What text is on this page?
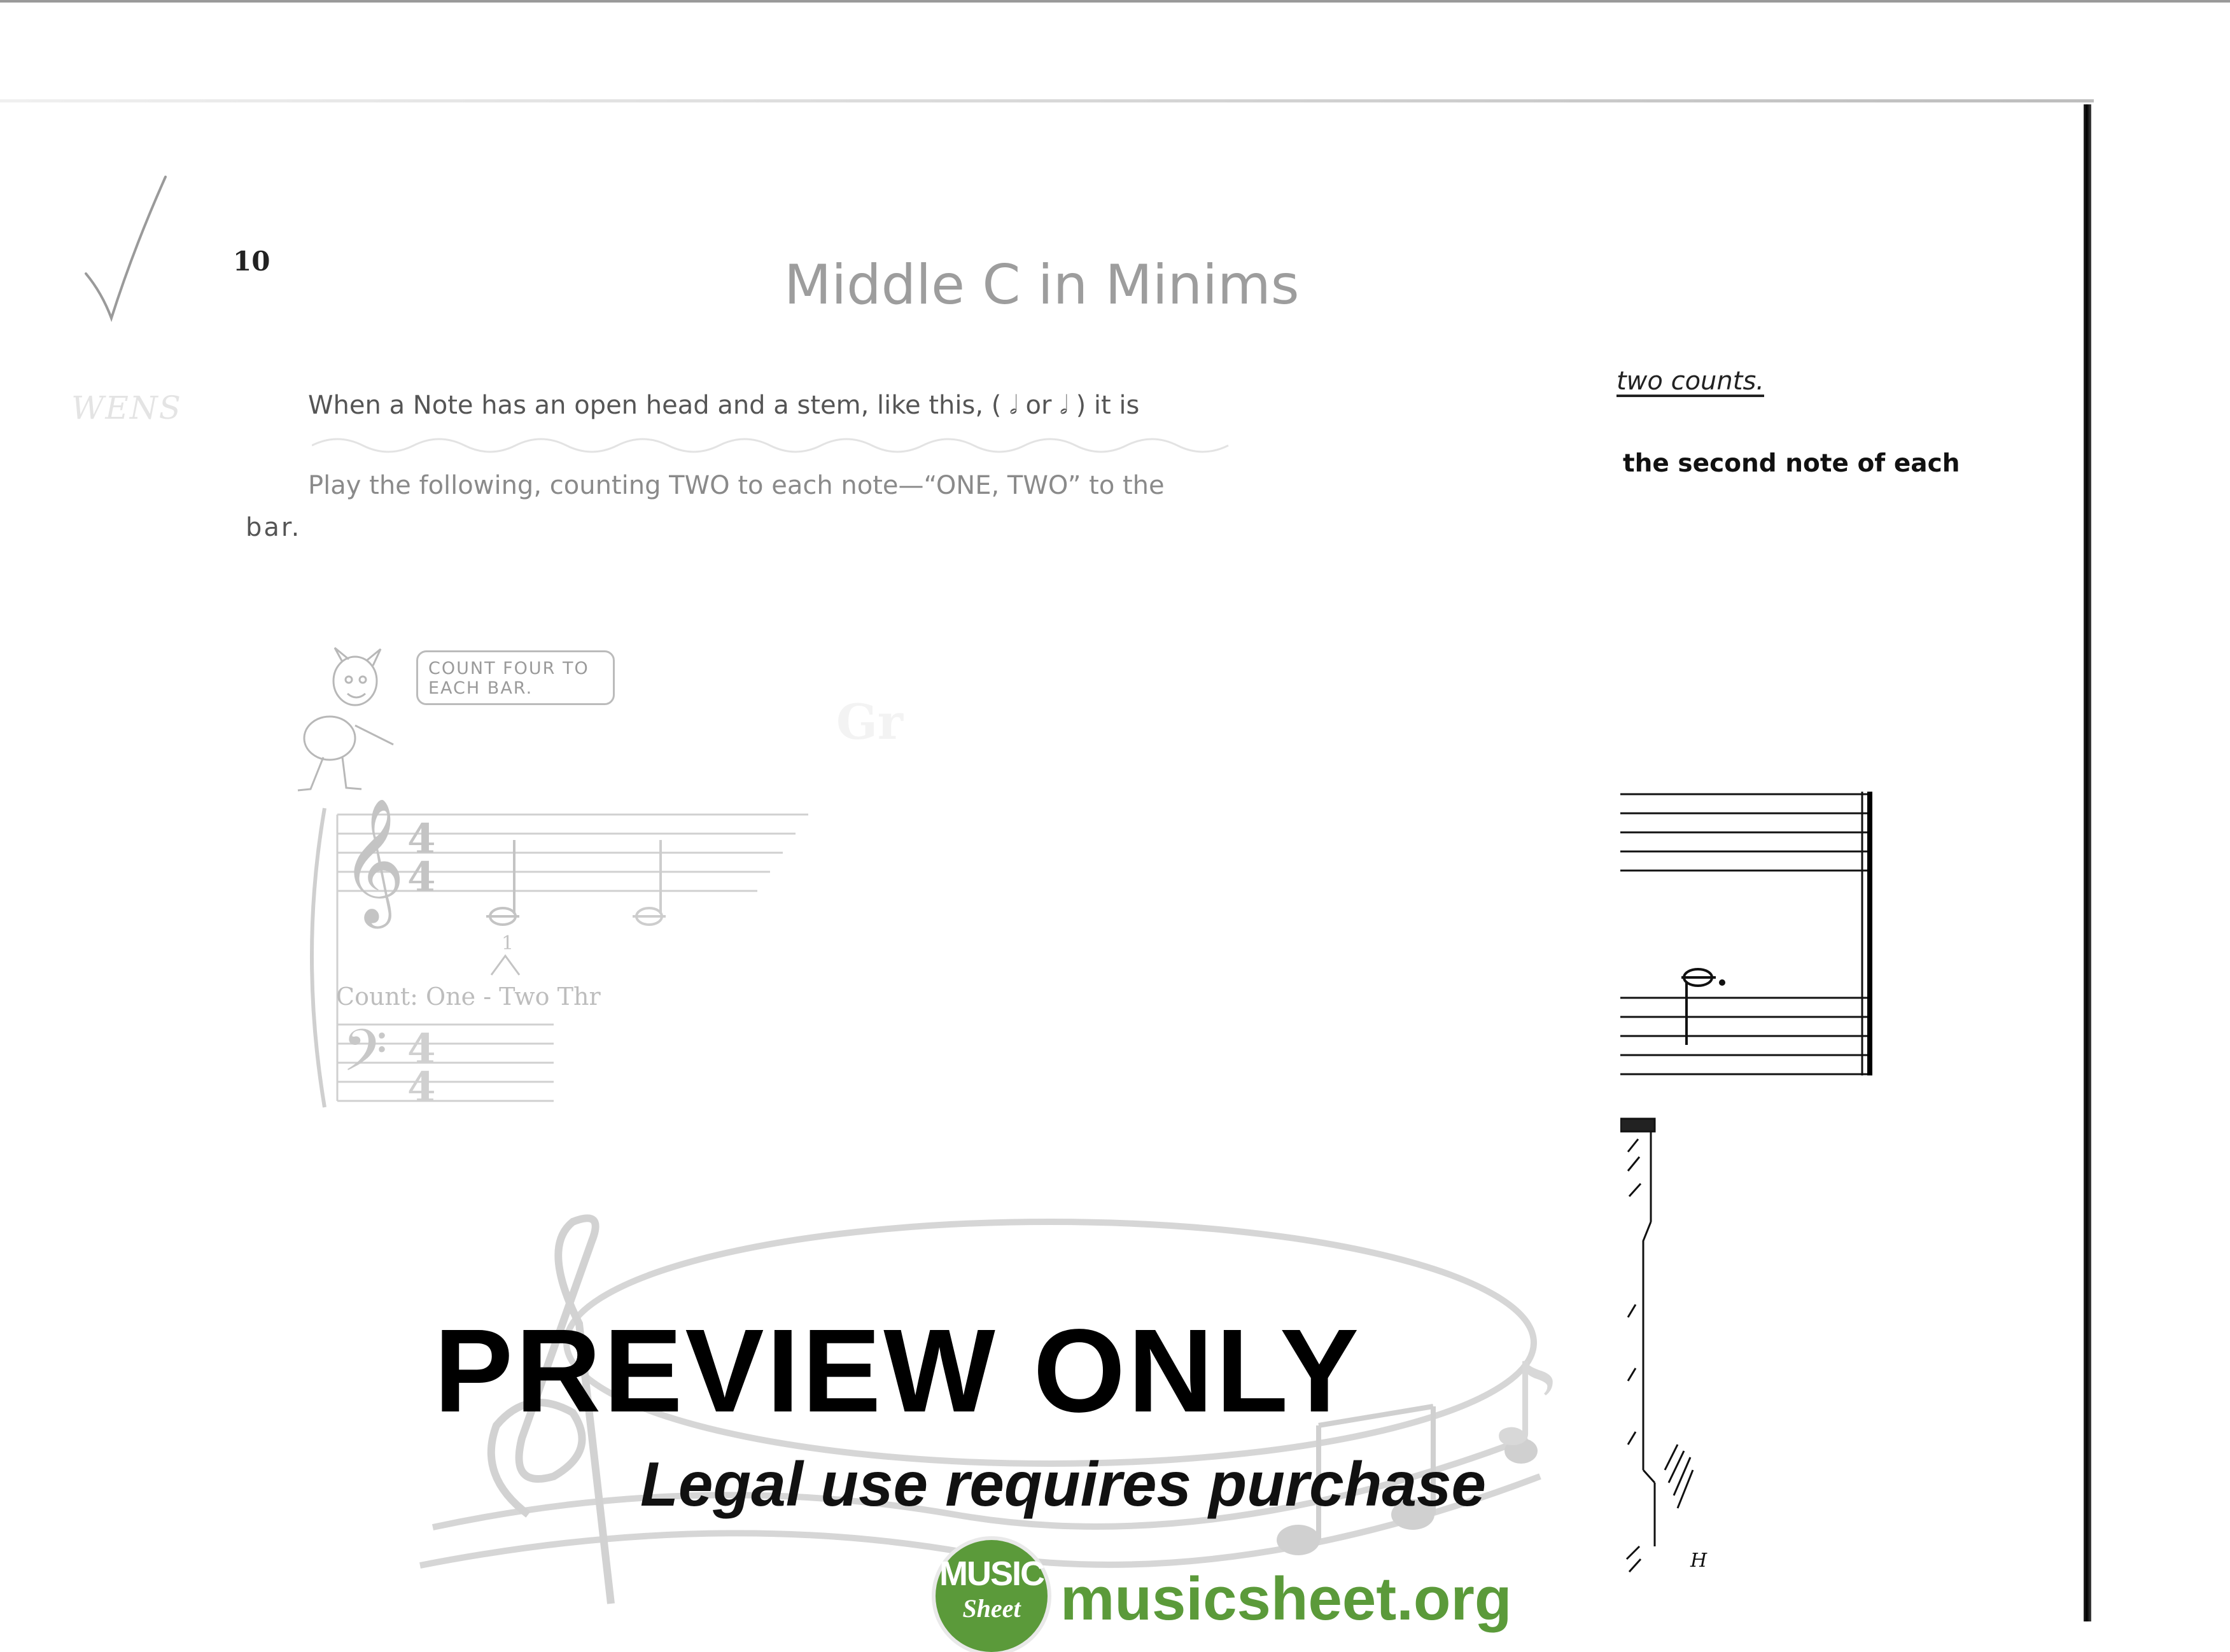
WENS
10	Middle C in Minims
When a Note has an open head and a stem, like this, ( 𝅗𝅥 or 𝅗𝅥 ) it is
two counts.
Play the following, counting TWO to each note—“ONE, TWO” to the
the second note of each
bar.
COUNT FOUR TO EACH BAR.
Gr
𝄞
𝄢
4
4
4
4
1
Count: One - Two Thr
H
♪
PREVIEW ONLY
Legal use requires purchase
MUSIC
Sheet musicsheet.org
